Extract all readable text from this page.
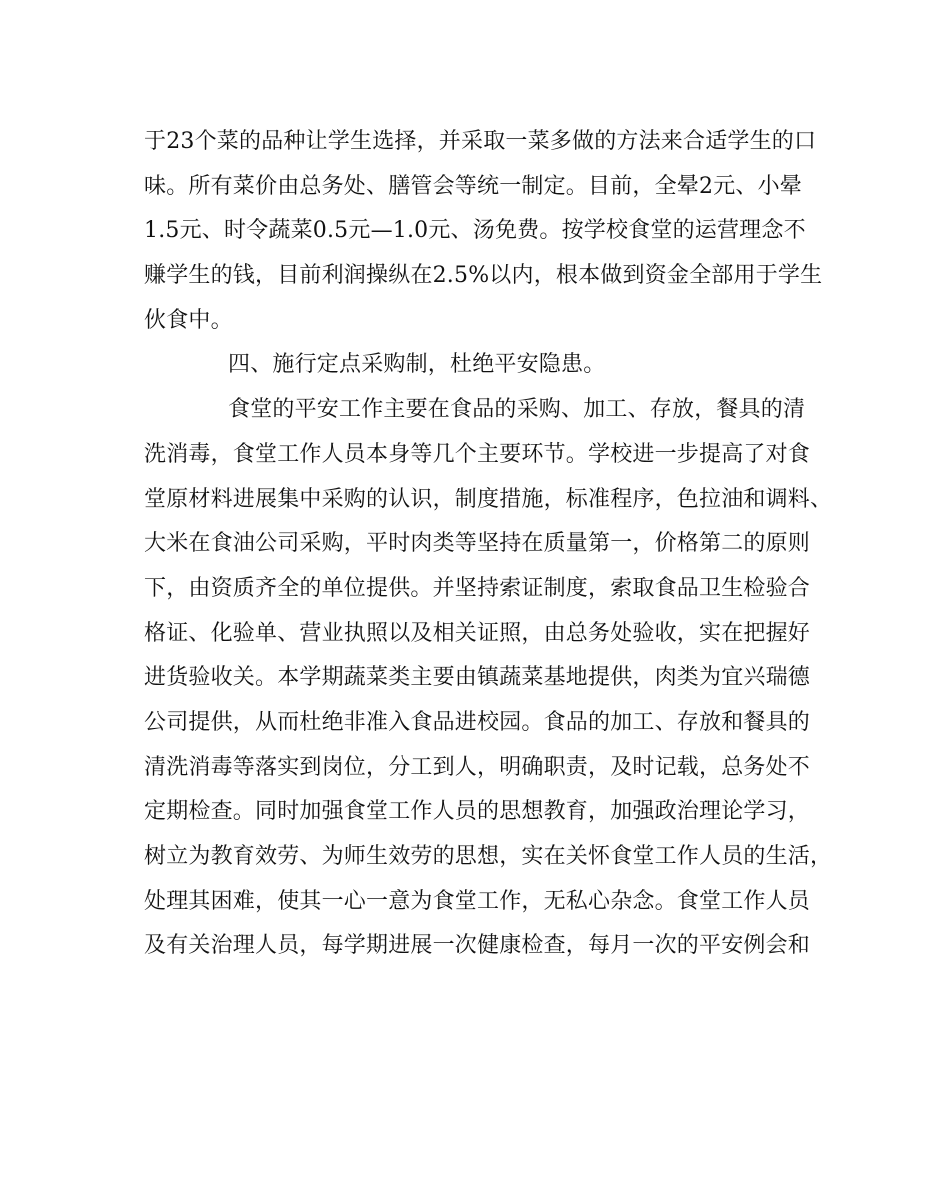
于23个菜的品种让学生选择，并采取一菜多做的方法来合适学生的口
味。所有菜价由总务处、膳管会等统一制定。目前，全晕2元、小晕
1.5元、时令蔬菜0.5元—1.0元、汤免费。按学校食堂的运营理念不
赚学生的钱，目前利润操纵在2.5%以内，根本做到资金全部用于学生
伙食中。
四、施行定点采购制，杜绝平安隐患。
食堂的平安工作主要在食品的采购、加工、存放，餐具的清
洗消毒，食堂工作人员本身等几个主要环节。学校进一步提高了对食
堂原材料进展集中采购的认识，制度措施，标准程序，色拉油和调料、
大米在食油公司采购，平时肉类等坚持在质量第一，价格第二的原则
下，由资质齐全的单位提供。并坚持索证制度，索取食品卫生检验合
格证、化验单、营业执照以及相关证照，由总务处验收，实在把握好
进货验收关。本学期蔬菜类主要由镇蔬菜基地提供，肉类为宜兴瑞德
公司提供，从而杜绝非准入食品进校园。食品的加工、存放和餐具的
清洗消毒等落实到岗位，分工到人，明确职责，及时记载，总务处不
定期检查。同时加强食堂工作人员的思想教育，加强政治理论学习，
树立为教育效劳、为师生效劳的思想，实在关怀食堂工作人员的生活，
处理其困难，使其一心一意为食堂工作，无私心杂念。食堂工作人员
及有关治理人员，每学期进展一次健康检查，每月一次的平安例会和
